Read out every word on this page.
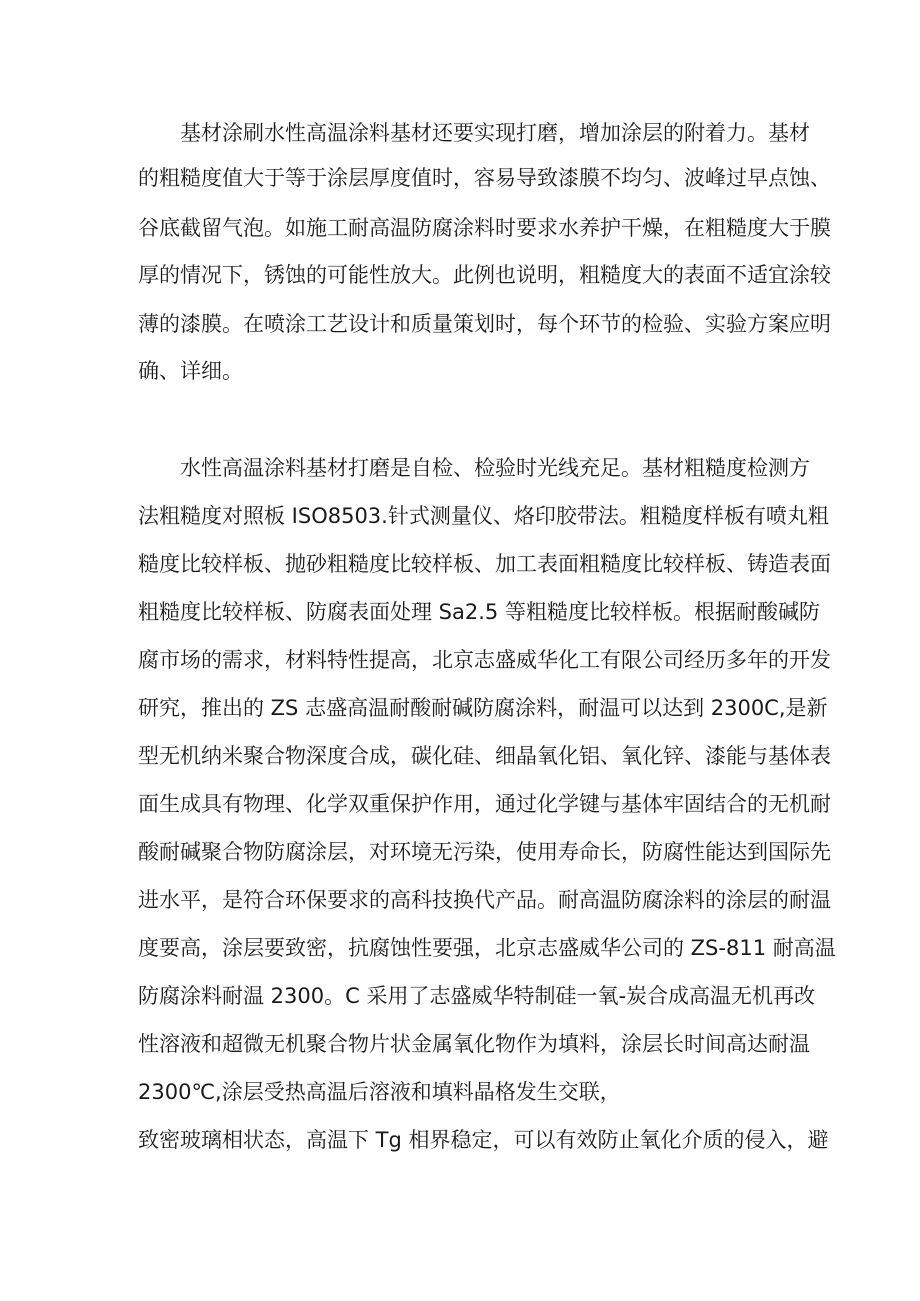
基材涂刷水性高温涂料基材还要实现打磨，增加涂层的附着力。基材
的粗糙度值大于等于涂层厚度值时，容易导致漆膜不均匀、波峰过早点蚀、
谷底截留气泡。如施工耐高温防腐涂料时要求水养护干燥，在粗糙度大于膜
厚的情况下，锈蚀的可能性放大。此例也说明，粗糙度大的表面不适宜涂较
薄的漆膜。在喷涂工艺设计和质量策划时，每个环节的检验、实验方案应明
确、详细。
水性高温涂料基材打磨是自检、检验时光线充足。基材粗糙度检测方
法粗糙度对照板 ISO8503.针式测量仪、烙印胶带法。粗糙度样板有喷丸粗
糙度比较样板、抛砂粗糙度比较样板、加工表面粗糙度比较样板、铸造表面
粗糙度比较样板、防腐表面处理 Sa2.5 等粗糙度比较样板。根据耐酸碱防
腐市场的需求，材料特性提高，北京志盛威华化工有限公司经历多年的开发
研究，推出的 ZS 志盛高温耐酸耐碱防腐涂料，耐温可以达到 2300C,是新
型无机纳米聚合物深度合成，碳化硅、细晶氧化铝、氧化锌、漆能与基体表
面生成具有物理、化学双重保护作用，通过化学键与基体牢固结合的无机耐
酸耐碱聚合物防腐涂层，对环境无污染，使用寿命长，防腐性能达到国际先
进水平，是符合环保要求的高科技换代产品。耐高温防腐涂料的涂层的耐温
度要高，涂层要致密，抗腐蚀性要强，北京志盛威华公司的 ZS-811 耐高温
防腐涂料耐温 2300。C 采用了志盛威华特制硅一氧-炭合成高温无机再改
性溶液和超微无机聚合物片状金属氧化物作为填料，涂层长时间高达耐温
2300℃,涂层受热高温后溶液和填料晶格发生交联，
致密玻璃相状态，高温下 Tg 相界稳定，可以有效防止氧化介质的侵入，避
